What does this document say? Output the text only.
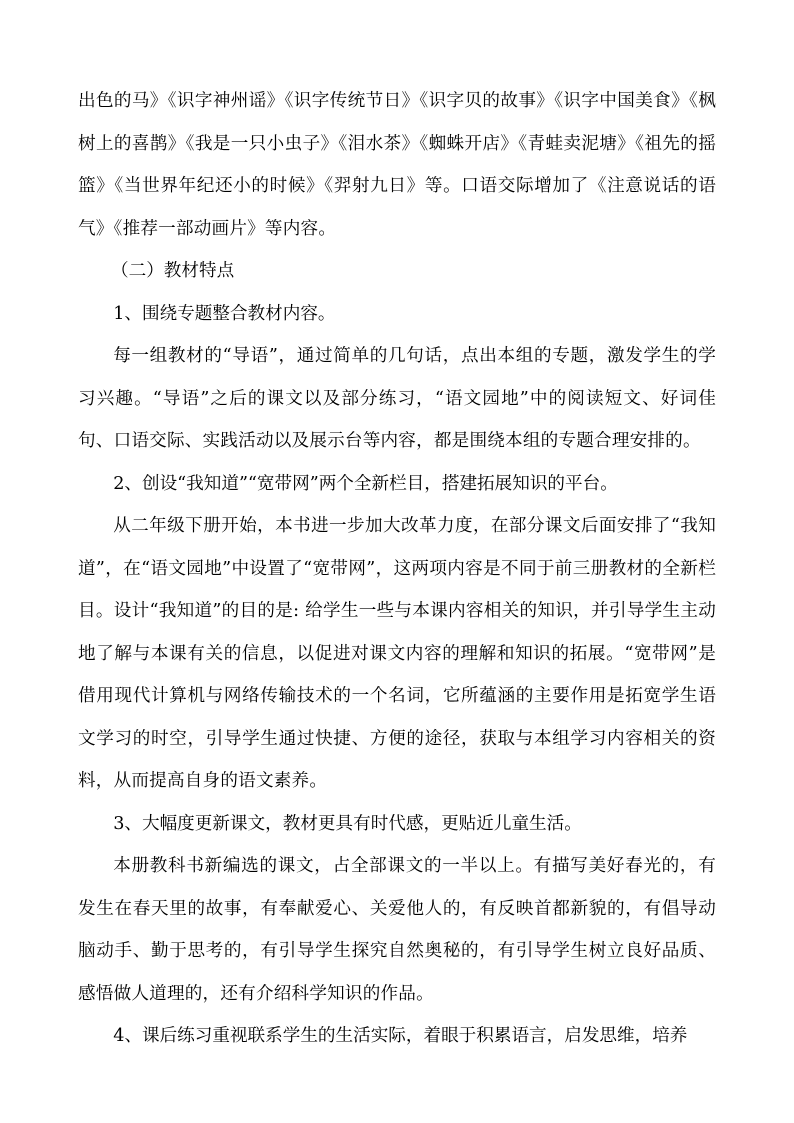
出色的马》《识字神州谣》《识字传统节日》《识字贝的故事》《识字中国美食》《枫树上的喜鹊》《我是一只小虫子》《泪水茶》《蜘蛛开店》《青蛙卖泥塘》《祖先的摇篮》《当世界年纪还小的时候》《羿射九日》等。口语交际增加了《注意说话的语气》《推荐一部动画片》等内容。

（二）教材特点

1、围绕专题整合教材内容。

每一组教材的“导语”，通过简单的几句话，点出本组的专题，激发学生的学习兴趣。“导语”之后的课文以及部分练习，“语文园地”中的阅读短文、好词佳句、口语交际、实践活动以及展示台等内容，都是围绕本组的专题合理安排的。

2、创设“我知道”“宽带网”两个全新栏目，搭建拓展知识的平台。

从二年级下册开始，本书进一步加大改革力度，在部分课文后面安排了“我知道”，在“语文园地”中设置了“宽带网”，这两项内容是不同于前三册教材的全新栏目。设计“我知道”的目的是: 给学生一些与本课内容相关的知识，并引导学生主动地了解与本课有关的信息，以促进对课文内容的理解和知识的拓展。“宽带网”是借用现代计算机与网络传输技术的一个名词，它所蕴涵的主要作用是拓宽学生语文学习的时空，引导学生通过快捷、方便的途径，获取与本组学习内容相关的资料，从而提高自身的语文素养。

3、大幅度更新课文，教材更具有时代感，更贴近儿童生活。

本册教科书新编选的课文，占全部课文的一半以上。有描写美好春光的，有发生在春天里的故事，有奉献爱心、关爱他人的，有反映首都新貌的，有倡导动脑动手、勤于思考的，有引导学生探究自然奥秘的，有引导学生树立良好品质、感悟做人道理的，还有介绍科学知识的作品。

4、课后练习重视联系学生的生活实际，着眼于积累语言，启发思维，培养
